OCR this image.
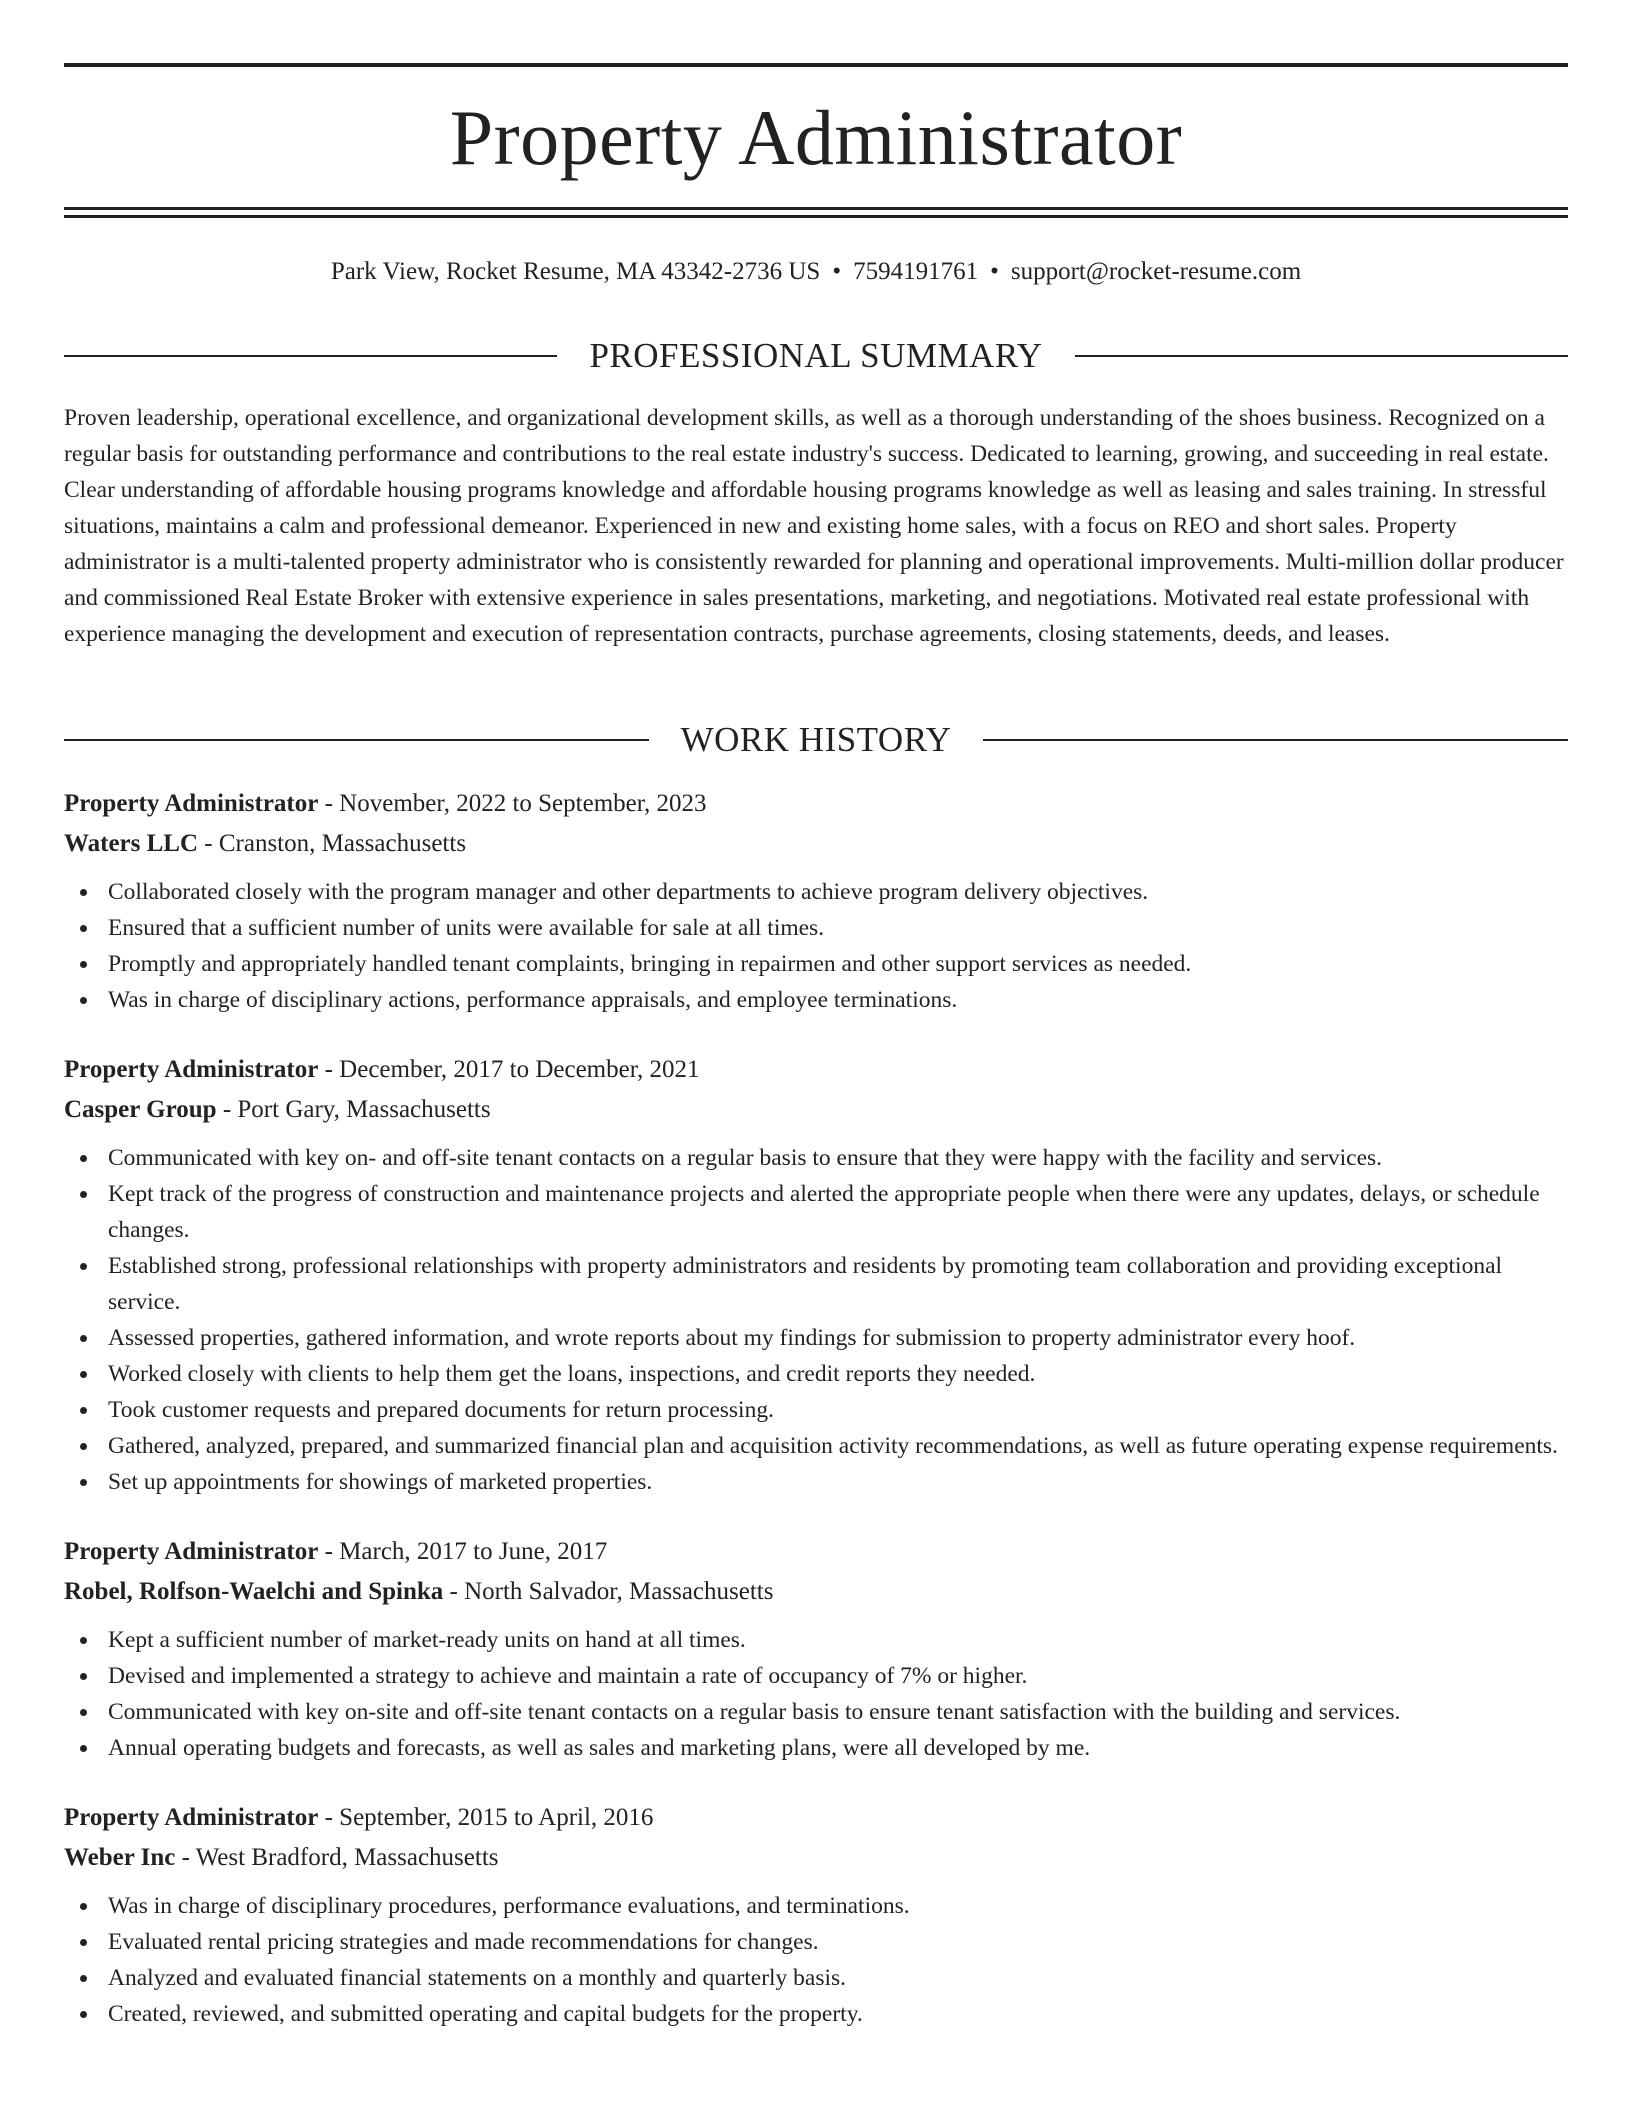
Property Administrator
Park View, Rocket Resume, MA 43342-2736 US • 7594191761 • support@rocket-resume.com
PROFESSIONAL SUMMARY

Proven leadership, operational excellence, and organizational development skills, as well as a thorough understanding of the shoes business. Recognized on a regular basis for outstanding performance and contributions to the real estate industry's success. Dedicated to learning, growing, and succeeding in real estate. Clear understanding of affordable housing programs knowledge and affordable housing programs knowledge as well as leasing and sales training. In stressful situations, maintains a calm and professional demeanor. Experienced in new and existing home sales, with a focus on REO and short sales. Property administrator is a multi-talented property administrator who is consistently rewarded for planning and operational improvements. Multi-million dollar producer and commissioned Real Estate Broker with extensive experience in sales presentations, marketing, and negotiations. Motivated real estate professional with experience managing the development and execution of representation contracts, purchase agreements, closing statements, deeds, and leases.

WORK HISTORY
Property Administrator - November, 2022 to September, 2023
Waters LLC - Cranston, Massachusetts
Collaborated closely with the program manager and other departments to achieve program delivery objectives.
Ensured that a sufficient number of units were available for sale at all times.
Promptly and appropriately handled tenant complaints, bringing in repairmen and other support services as needed.
Was in charge of disciplinary actions, performance appraisals, and employee terminations.
Property Administrator - December, 2017 to December, 2021
Casper Group - Port Gary, Massachusetts
Communicated with key on- and off-site tenant contacts on a regular basis to ensure that they were happy with the facility and services.
Kept track of the progress of construction and maintenance projects and alerted the appropriate people when there were any updates, delays, or schedule changes.
Established strong, professional relationships with property administrators and residents by promoting team collaboration and providing exceptional service.
Assessed properties, gathered information, and wrote reports about my findings for submission to property administrator every hoof.
Worked closely with clients to help them get the loans, inspections, and credit reports they needed.
Took customer requests and prepared documents for return processing.
Gathered, analyzed, prepared, and summarized financial plan and acquisition activity recommendations, as well as future operating expense requirements.
Set up appointments for showings of marketed properties.
Property Administrator - March, 2017 to June, 2017
Robel, Rolfson-Waelchi and Spinka - North Salvador, Massachusetts
Kept a sufficient number of market-ready units on hand at all times.
Devised and implemented a strategy to achieve and maintain a rate of occupancy of 7% or higher.
Communicated with key on-site and off-site tenant contacts on a regular basis to ensure tenant satisfaction with the building and services.
Annual operating budgets and forecasts, as well as sales and marketing plans, were all developed by me.
Property Administrator - September, 2015 to April, 2016
Weber Inc - West Bradford, Massachusetts
Was in charge of disciplinary procedures, performance evaluations, and terminations.
Evaluated rental pricing strategies and made recommendations for changes.
Analyzed and evaluated financial statements on a monthly and quarterly basis.
Created, reviewed, and submitted operating and capital budgets for the property.
